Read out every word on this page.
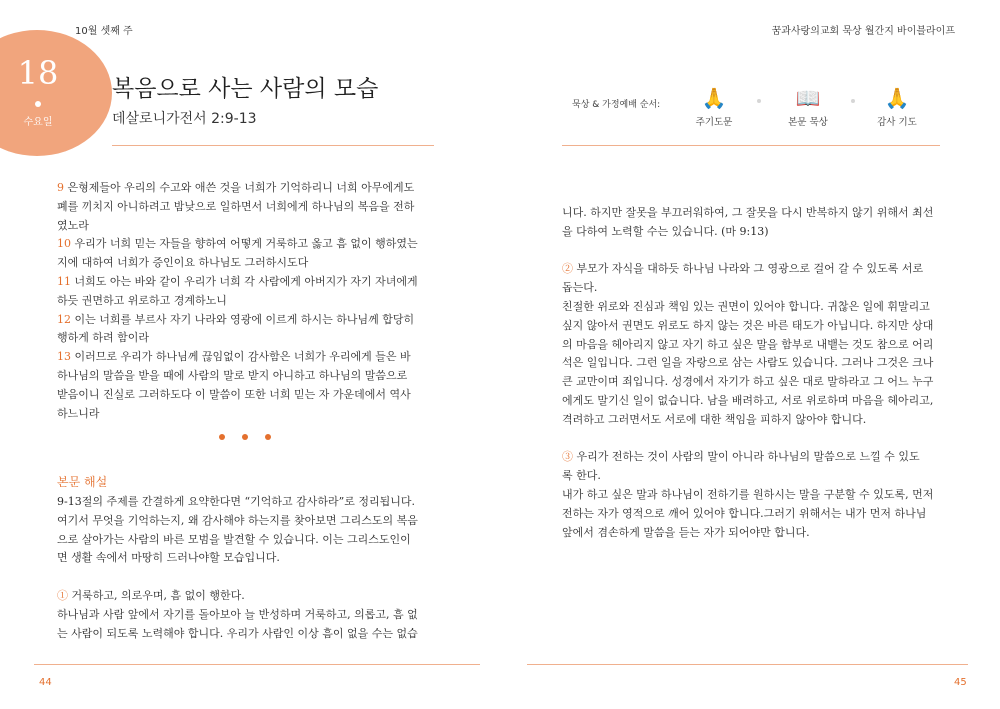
10월 셋째 주	꿈과사랑의교회 묵상 월간지 바이블라이프
18
수요일
복음으로 사는 사람의 모습
데살로니가전서 2:9-13
묵상 & 가정예배 순서:	🙏
주기도문
📖
본문 묵상
🙏
감사 기도

9 은형제들아 우리의 수고와 애쓴 것을 너희가 기억하리니 너희 아무에게도

폐를 끼치지 아니하려고 밤낮으로 일하면서 너희에게 하나님의 복음을 전하

였노라

10 우리가 너희 믿는 자들을 향하여 어떻게 거룩하고 옳고 흠 없이 행하였는

지에 대하여 너희가 증인이요 하나님도 그러하시도다

11 너희도 아는 바와 같이 우리가 너희 각 사람에게 아버지가 자기 자녀에게

하듯 권면하고 위로하고 경계하노니

12 이는 너희를 부르사 자기 나라와 영광에 이르게 하시는 하나님께 합당히

행하게 하려 함이라

13 이러므로 우리가 하나님께 끊임없이 감사함은 너희가 우리에게 들은 바

하나님의 말씀을 받을 때에 사람의 말로 받지 아니하고 하나님의 말씀으로

받음이니 진실로 그러하도다 이 말씀이 또한 너희 믿는 자 가운데에서 역사

하느니라

본문 해설

9-13절의 주제를 간결하게 요약한다면 “기억하고 감사하라”로 정리됩니다.

여기서 무엇을 기억하는지, 왜 감사해야 하는지를 찾아보면 그리스도의 복음

으로 살아가는 사람의 바른 모범을 발견할 수 있습니다. 이는 그리스도인이

면 생활 속에서 마땅히 드러나야할 모습입니다.

① 거룩하고, 의로우며, 흠 없이 행한다.

하나님과 사람 앞에서 자기를 돌아보아 늘 반성하며 거룩하고, 의롭고, 흠 없

는 사람이 되도록 노력해야 합니다. 우리가 사람인 이상 흠이 없을 수는 없습

니다. 하지만 잘못을 부끄러워하여, 그 잘못을 다시 반복하지 않기 위해서 최선

을 다하여 노력할 수는 있습니다. (마 9:13)

② 부모가 자식을 대하듯 하나님 나라와 그 영광으로 걸어 갈 수 있도록 서로

돕는다.

친절한 위로와 진심과 책임 있는 권면이 있어야 합니다. 귀찮은 일에 휘말리고

싶지 않아서 권면도 위로도 하지 않는 것은 바른 태도가 아닙니다. 하지만 상대

의 마음을 헤아리지 않고 자기 하고 싶은 말을 함부로 내뱉는 것도 참으로 어리

석은 일입니다. 그런 일을 자랑으로 삼는 사람도 있습니다. 그러나 그것은 크나

큰 교만이며 죄입니다. 성경에서 자기가 하고 싶은 대로 말하라고 그 어느 누구

에게도 말기신 일이 없습니다. 남을 배려하고, 서로 위로하며 마음을 헤아리고,

격려하고 그러면서도 서로에 대한 책임을 피하지 않아야 합니다.

③ 우리가 전하는 것이 사람의 말이 아니라 하나님의 말씀으로 느낄 수 있도

록 한다.

내가 하고 싶은 말과 하나님이 전하기를 원하시는 말을 구분할 수 있도록, 먼저

전하는 자가 영적으로 깨어 있어야 합니다.그러기 위해서는 내가 먼저 하나님

앞에서 겸손하게 말씀을 듣는 자가 되어야만 합니다.

44	45
